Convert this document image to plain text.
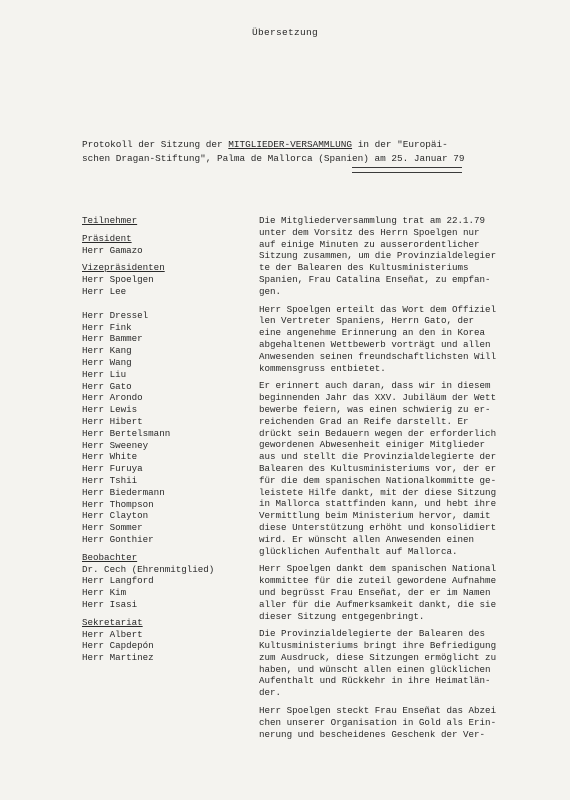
Übersetzung
Protokoll der Sitzung der MITGLIEDER-VERSAMMLUNG in der "Europäi-
schen Dragan-Stiftung", Palma de Mallorca (Spanien) am 25. Januar 79

Teilnehmer

Präsident

Herr Gamazo

Vizepräsidenten

Herr Spoelgen

Herr Lee

Herr Dressel

Herr Fink

Herr Bammer

Herr Kang

Herr Wang

Herr Liu

Herr Gato

Herr Arondo

Herr Lewis

Herr Hibert

Herr Bertelsmann

Herr Sweeney

Herr White

Herr Furuya

Herr Tshii

Herr Biedermann

Herr Thompson

Herr Clayton

Herr Sommer

Herr Gonthier

Beobachter

Dr. Cech (Ehrenmitglied)

Herr Langford

Herr Kim

Herr Isasi

Sekretariat

Herr Albert

Herr Capdepón

Herr Martinez

Die Mitgliederversammlung trat am 22.1.79
unter dem Vorsitz des Herrn Spoelgen nur
auf einige Minuten zu ausserordentlicher
Sitzung zusammen, um die Provinzialdelegier
te der Balearen des Kultusministeriums
Spanien, Frau Catalina Enseñat, zu empfan-
gen.
Herr Spoelgen erteilt das Wort dem Offiziel
len Vertreter Spaniens, Herrn Gato, der
eine angenehme Erinnerung an den in Korea
abgehaltenen Wettbewerb vorträgt und allen
Anwesenden seinen freundschaftlichsten Will
kommensgruss entbietet.
Er erinnert auch daran, dass wir in diesem
beginnenden Jahr das XXV. Jubiläum der Wett
bewerbe feiern, was einen schwierig zu er-
reichenden Grad an Reife darstellt. Er
drückt sein Bedauern wegen der erforderlich
gewordenen Abwesenheit einiger Mitglieder
aus und stellt die Provinzialdelegierte der
Balearen des Kultusministeriums vor, der er
für die dem spanischen Nationalkommitte ge-
leistete Hilfe dankt, mit der diese Sitzung
in Mallorca stattfinden kann, und hebt ihre
Vermittlung beim Ministerium hervor, damit
diese Unterstützung erhöht und konsolidiert
wird. Er wünscht allen Anwesenden einen
glücklichen Aufenthalt auf Mallorca.
Herr Spoelgen dankt dem spanischen National
kommittee für die zuteil gewordene Aufnahme
und begrüsst Frau Enseñat, der er im Namen
aller für die Aufmerksamkeit dankt, die sie
dieser Sitzung entgegenbringt.
Die Provinzialdelegierte der Balearen des
Kultusministeriums bringt ihre Befriedigung
zum Ausdruck, diese Sitzungen ermöglicht zu
haben, und wünscht allen einen glücklichen
Aufenthalt und Rückkehr in ihre Heimatlän-
der.
Herr Spoelgen steckt Frau Enseñat das Abzei
chen unserer Organisation in Gold als Erin-
nerung und bescheidenes Geschenk der Ver-
